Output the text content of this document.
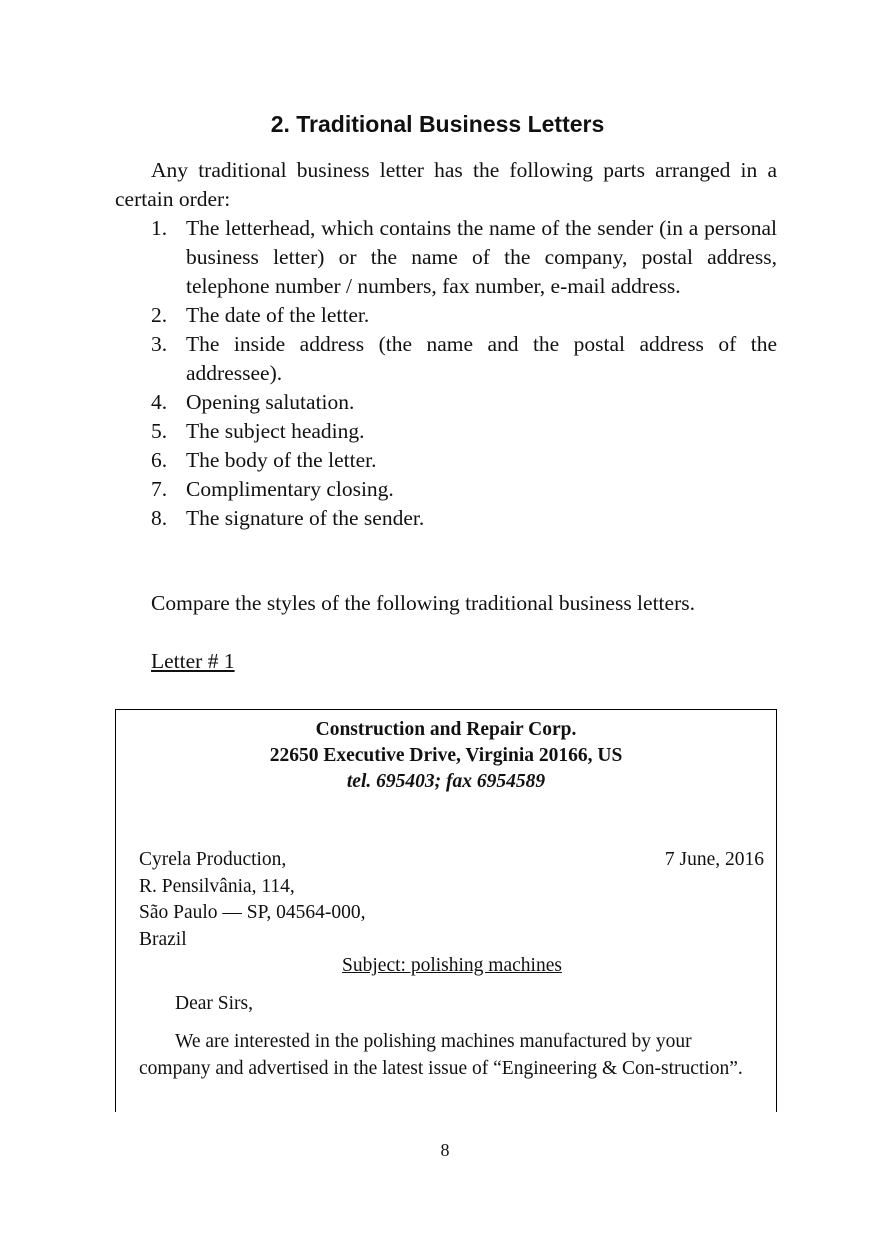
2. Traditional Business Letters

Any traditional business letter has the following parts arranged in a certain order:

1. The letterhead, which contains the name of the sender (in a personal business letter) or the name of the company, postal address, telephone number / numbers, fax number, e-mail address.
2. The date of the letter.
3. The inside address (the name and the postal address of the addressee).
4. Opening salutation.
5. The subject heading.
6. The body of the letter.
7. Complimentary closing.
8. The signature of the sender.

Compare the styles of the following traditional business letters.

Letter # 1

Construction and Repair Corp.

22650 Executive Drive, Virginia 20166, US

tel. 695403; fax 6954589

Cyrela Production,
R. Pensilvânia, 114,
São Paulo — SP, 04564-000,
Brazil
7 June, 2016
Subject: polishing machines
Dear Sirs,

We are interested in the polishing machines manufactured by your company and advertised in the latest issue of “Engineering & Con-struction”.

8
